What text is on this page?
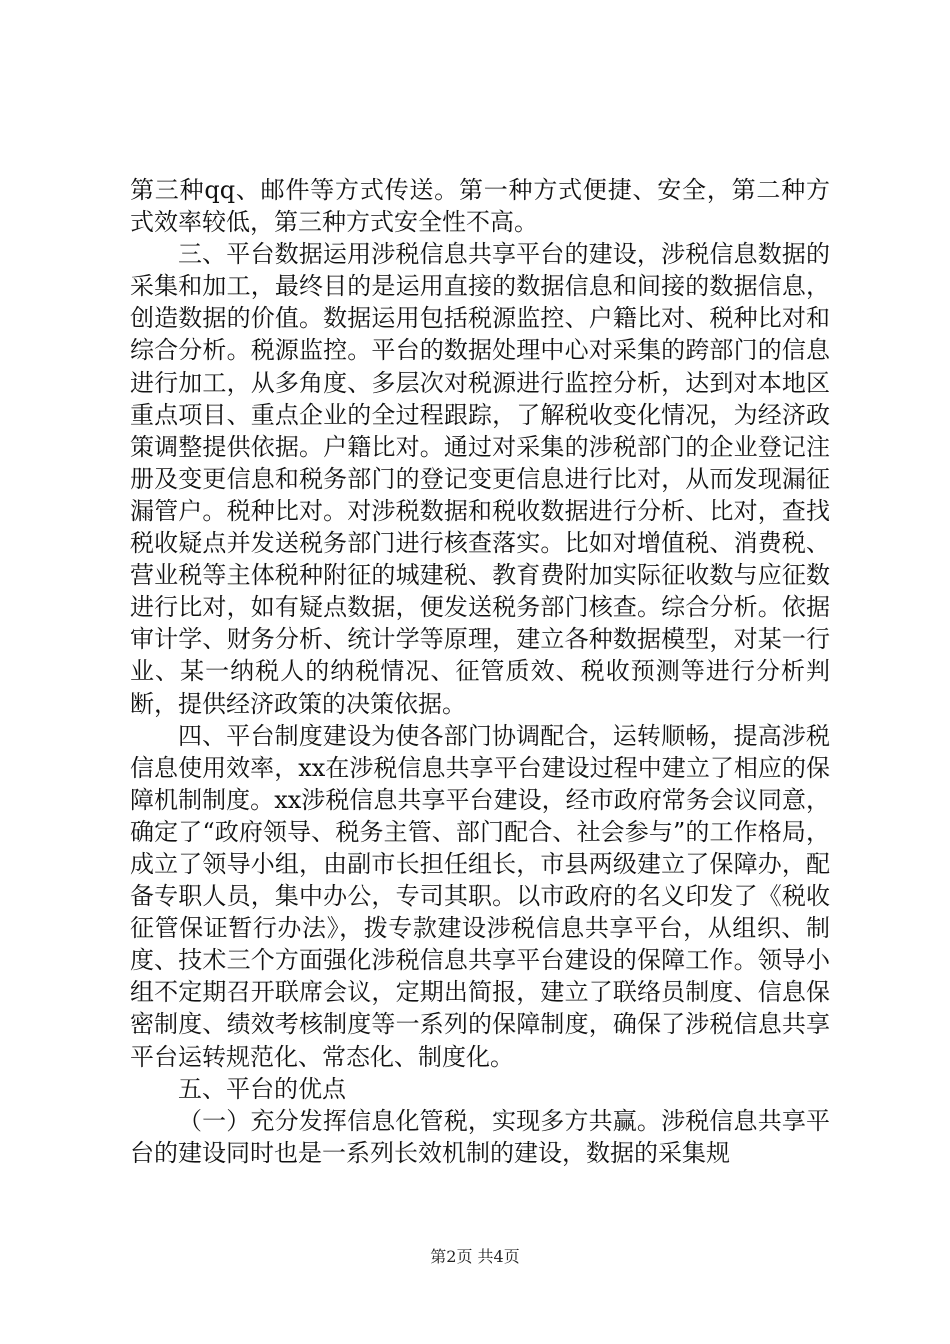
第三种qq、邮件等方式传送。第一种方式便捷、安全，第二种方式效率较低，第三种方式安全性不高。

三、平台数据运用涉税信息共享平台的建设，涉税信息数据的采集和加工，最终目的是运用直接的数据信息和间接的数据信息，创造数据的价值。数据运用包括税源监控、户籍比对、税种比对和综合分析。税源监控。平台的数据处理中心对采集的跨部门的信息进行加工，从多角度、多层次对税源进行监控分析，达到对本地区重点项目、重点企业的全过程跟踪，了解税收变化情况，为经济政策调整提供依据。户籍比对。通过对采集的涉税部门的企业登记注册及变更信息和税务部门的登记变更信息进行比对，从而发现漏征漏管户。税种比对。对涉税数据和税收数据进行分析、比对，查找税收疑点并发送税务部门进行核查落实。比如对增值税、消费税、营业税等主体税种附征的城建税、教育费附加实际征收数与应征数进行比对，如有疑点数据，便发送税务部门核查。综合分析。依据审计学、财务分析、统计学等原理，建立各种数据模型，对某一行业、某一纳税人的纳税情况、征管质效、税收预测等进行分析判断，提供经济政策的决策依据。

四、平台制度建设为使各部门协调配合，运转顺畅，提高涉税信息使用效率，xx在涉税信息共享平台建设过程中建立了相应的保障机制制度。xx涉税信息共享平台建设，经市政府常务会议同意，确定了“政府领导、税务主管、部门配合、社会参与”的工作格局，成立了领导小组，由副市长担任组长，市县两级建立了保障办，配备专职人员，集中办公，专司其职。以市政府的名义印发了《税收征管保证暂行办法》，拨专款建设涉税信息共享平台，从组织、制度、技术三个方面强化涉税信息共享平台建设的保障工作。领导小组不定期召开联席会议，定期出简报，建立了联络员制度、信息保密制度、绩效考核制度等一系列的保障制度，确保了涉税信息共享平台运转规范化、常态化、制度化。

五、平台的优点

（一）充分发挥信息化管税，实现多方共赢。涉税信息共享平台的建设同时也是一系列长效机制的建设，数据的采集规

第2页 共4页
